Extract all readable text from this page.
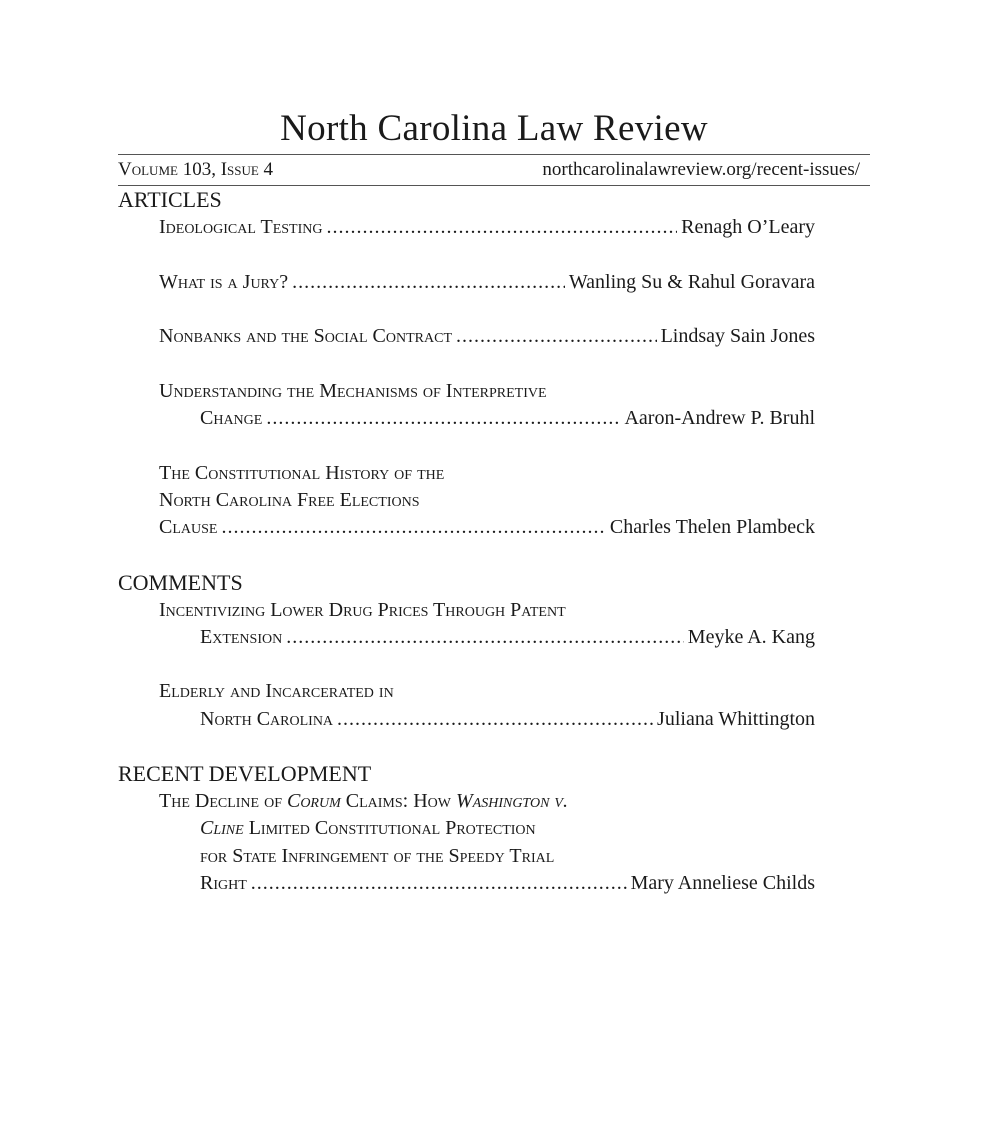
North Carolina Law Review
Volume 103, Issue 4	northcarolinalawreview.org/recent-issues/

ARTICLES

Ideological Testing .....	Renagh O’Leary
What is a Jury? .....	Wanling Su & Rahul Goravara
Nonbanks and the Social Contract .....	Lindsay Sain Jones
Understanding the Mechanisms of Interpretive
Change .....	Aaron-Andrew P. Bruhl
The Constitutional History of the
North Carolina Free Elections
Clause .....	Charles Thelen Plambeck

COMMENTS

Incentivizing Lower Drug Prices Through Patent
Extension .....	Meyke A. Kang
Elderly and Incarcerated in
North Carolina .....	Juliana Whittington

RECENT DEVELOPMENT

The Decline of Corum Claims: How Washington v.
Cline Limited Constitutional Protection
for State Infringement of the Speedy Trial
Right .....	Mary Anneliese Childs
